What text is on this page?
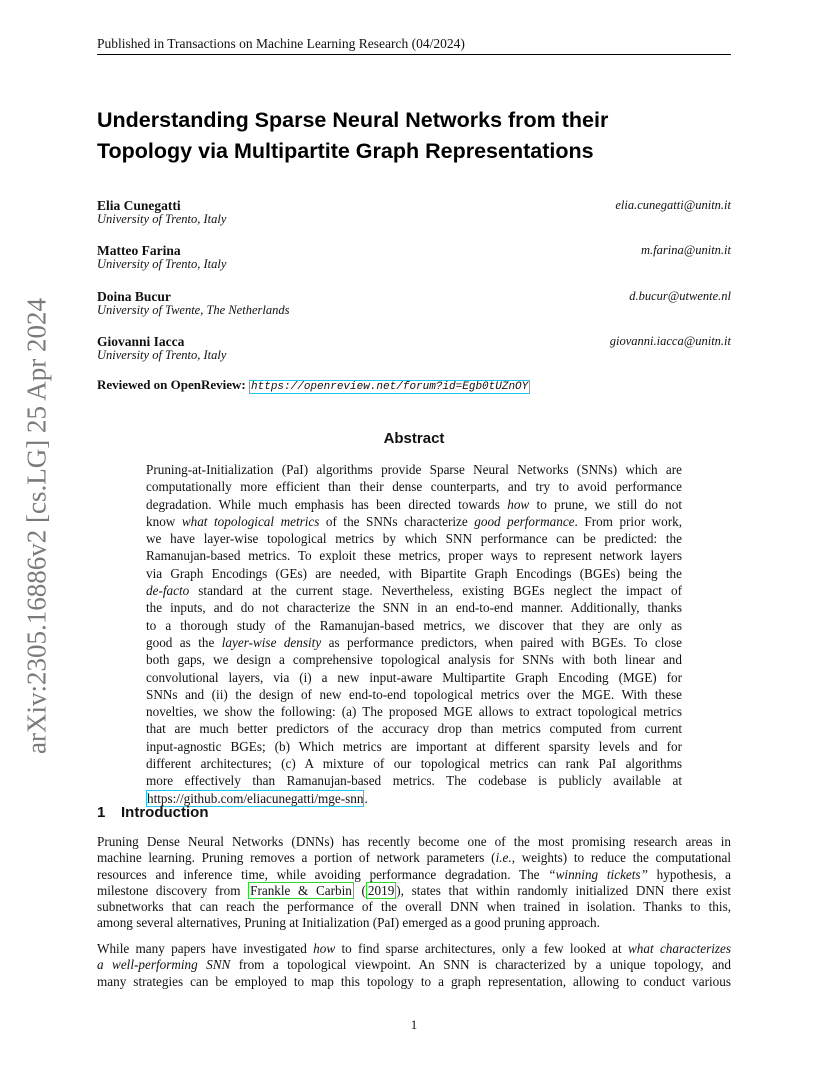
Published in Transactions on Machine Learning Research (04/2024)
arXiv:2305.16886v2 [cs.LG] 25 Apr 2024
Understanding Sparse Neural Networks from their
Topology via Multipartite Graph Representations
Elia Cunegatti	elia.cunegatti@unitn.it
University of Trento, Italy
Matteo Farina	m.farina@unitn.it
University of Trento, Italy
Doina Bucur	d.bucur@utwente.nl
University of Twente, The Netherlands
Giovanni Iacca	giovanni.iacca@unitn.it
University of Trento, Italy
Reviewed on OpenReview: https://openreview.net/forum?id=Egb0tUZnOY
Abstract
Pruning-at-Initialization (PaI) algorithms provide Sparse Neural Networks (SNNs) which are
computationally more efficient than their dense counterparts, and try to avoid performance
degradation. While much emphasis has been directed towards how to prune, we still do not
know what topological metrics of the SNNs characterize good performance. From prior work,
we have layer-wise topological metrics by which SNN performance can be predicted: the
Ramanujan-based metrics. To exploit these metrics, proper ways to represent network layers
via Graph Encodings (GEs) are needed, with Bipartite Graph Encodings (BGEs) being the
de-facto standard at the current stage. Nevertheless, existing BGEs neglect the impact of
the inputs, and do not characterize the SNN in an end-to-end manner. Additionally, thanks
to a thorough study of the Ramanujan-based metrics, we discover that they are only as
good as the layer-wise density as performance predictors, when paired with BGEs. To close
both gaps, we design a comprehensive topological analysis for SNNs with both linear and
convolutional layers, via (i) a new input-aware Multipartite Graph Encoding (MGE) for
SNNs and (ii) the design of new end-to-end topological metrics over the MGE. With these
novelties, we show the following: (a) The proposed MGE allows to extract topological metrics
that are much better predictors of the accuracy drop than metrics computed from current
input-agnostic BGEs; (b) Which metrics are important at different sparsity levels and for
different architectures; (c) A mixture of our topological metrics can rank PaI algorithms
more effectively than Ramanujan-based metrics. The codebase is publicly available at
https://github.com/eliacunegatti/mge-snn.
1 Introduction
Pruning Dense Neural Networks (DNNs) has recently become one of the most promising research areas in
machine learning. Pruning removes a portion of network parameters (i.e., weights) to reduce the computational
resources and inference time, while avoiding performance degradation. The “winning tickets” hypothesis, a
milestone discovery from Frankle & Carbin ( 2019 ), states that within randomly initialized DNN there exist
subnetworks that can reach the performance of the overall DNN when trained in isolation. Thanks to this,
among several alternatives, Pruning at Initialization (PaI) emerged as a good pruning approach.
While many papers have investigated how to find sparse architectures, only a few looked at what characterizes
a well-performing SNN from a topological viewpoint. An SNN is characterized by a unique topology, and
many strategies can be employed to map this topology to a graph representation, allowing to conduct various
1
